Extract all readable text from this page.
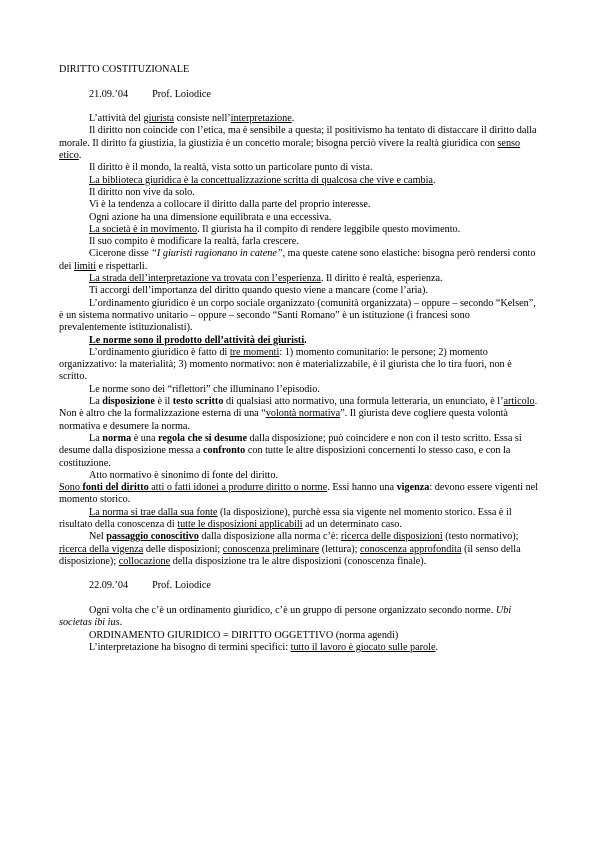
DIRITTO COSTITUZIONALE

21.09.’04 Prof. Loiodice

L’attività del giurista consiste nell’interpretazione.

Il diritto non coincide con l’etica, ma è sensibile a questa; il positivismo ha tentato di distaccare il diritto dalla morale. Il diritto fa giustizia, la giustizia è un concetto morale; bisogna perciò vivere la realtà giuridica con senso etico.

Il diritto è il mondo, la realtà, vista sotto un particolare punto di vista.

La biblioteca giuridica è la concettualizzazione scritta di qualcosa che vive e cambia.

Il diritto non vive da solo.

Vi è la tendenza a collocare il diritto dalla parte del proprio interesse.

Ogni azione ha una dimensione equilibrata e una eccessiva.

La società è in movimento. Il giurista ha il compito di rendere leggibile questo movimento.

Il suo compito è modificare la realtà, farla crescere.

Cicerone disse “I giuristi ragionano in catene”, ma queste catene sono elastiche: bisogna però rendersi conto dei limiti e rispettarli.

La strada dell’interpretazione va trovata con l’esperienza. Il diritto è realtà, esperienza.

Ti accorgi dell’importanza del diritto quando questo viene a mancare (come l’aria).

L’ordinamento giuridico è un corpo sociale organizzato (comunità organizzata) – oppure – secondo “Kelsen”, è un sistema normativo unitario – oppure – secondo “Santi Romano” è un istituzione (i francesi sono prevalentemente istituzionalisti).

Le norme sono il prodotto dell’attività dei giuristi.

L’ordinamento giuridico è fatto di tre momenti: 1) momento comunitario: le persone; 2) momento organizzativo: la materialità; 3) momento normativo: non è materializzabile, è il giurista che lo tira fuori, non è scritto.

Le norme sono dei “riflettori” che illuminano l’episodio.

La disposizione è il testo scritto di qualsiasi atto normativo, una formula letteraria, un enunciato, è l’articolo. Non è altro che la formalizzazione esterna di una “volontà normativa”. Il giurista deve cogliere questa volontà normativa e desumere la norma.

La norma è una regola che si desume dalla disposizione; può coincidere e non con il testo scritto. Essa si desume dalla disposizione messa a confronto con tutte le altre disposizioni concernenti lo stesso caso, e con la costituzione.

Atto normativo è sinonimo di fonte del diritto.

Sono fonti del diritto atti o fatti idonei a produrre diritto o norme. Essi hanno una vigenza: devono essere vigenti nel momento storico.

La norma si trae dalla sua fonte (la disposizione), purchè essa sia vigente nel momento storico. Essa è il risultato della conoscenza di tutte le disposizioni applicabili ad un determinato caso.

Nel passaggio conoscitivo dalla disposizione alla norma c’è: ricerca delle disposizioni (testo normativo); ricerca della vigenza delle disposizioni; conoscenza preliminare (lettura); conoscenza approfondita (il senso della disposizione); collocazione della disposizione tra le altre disposizioni (conoscenza finale).

22.09.’04 Prof. Loiodice

Ogni volta che c’è un ordinamento giuridico, c’è un gruppo di persone organizzato secondo norme. Ubi societas ibi ius.

ORDINAMENTO GIURIDICO = DIRITTO OGGETTIVO (norma agendi)

L’interpretazione ha bisogno di termini specifici: tutto il lavoro è giocato sulle parole.
